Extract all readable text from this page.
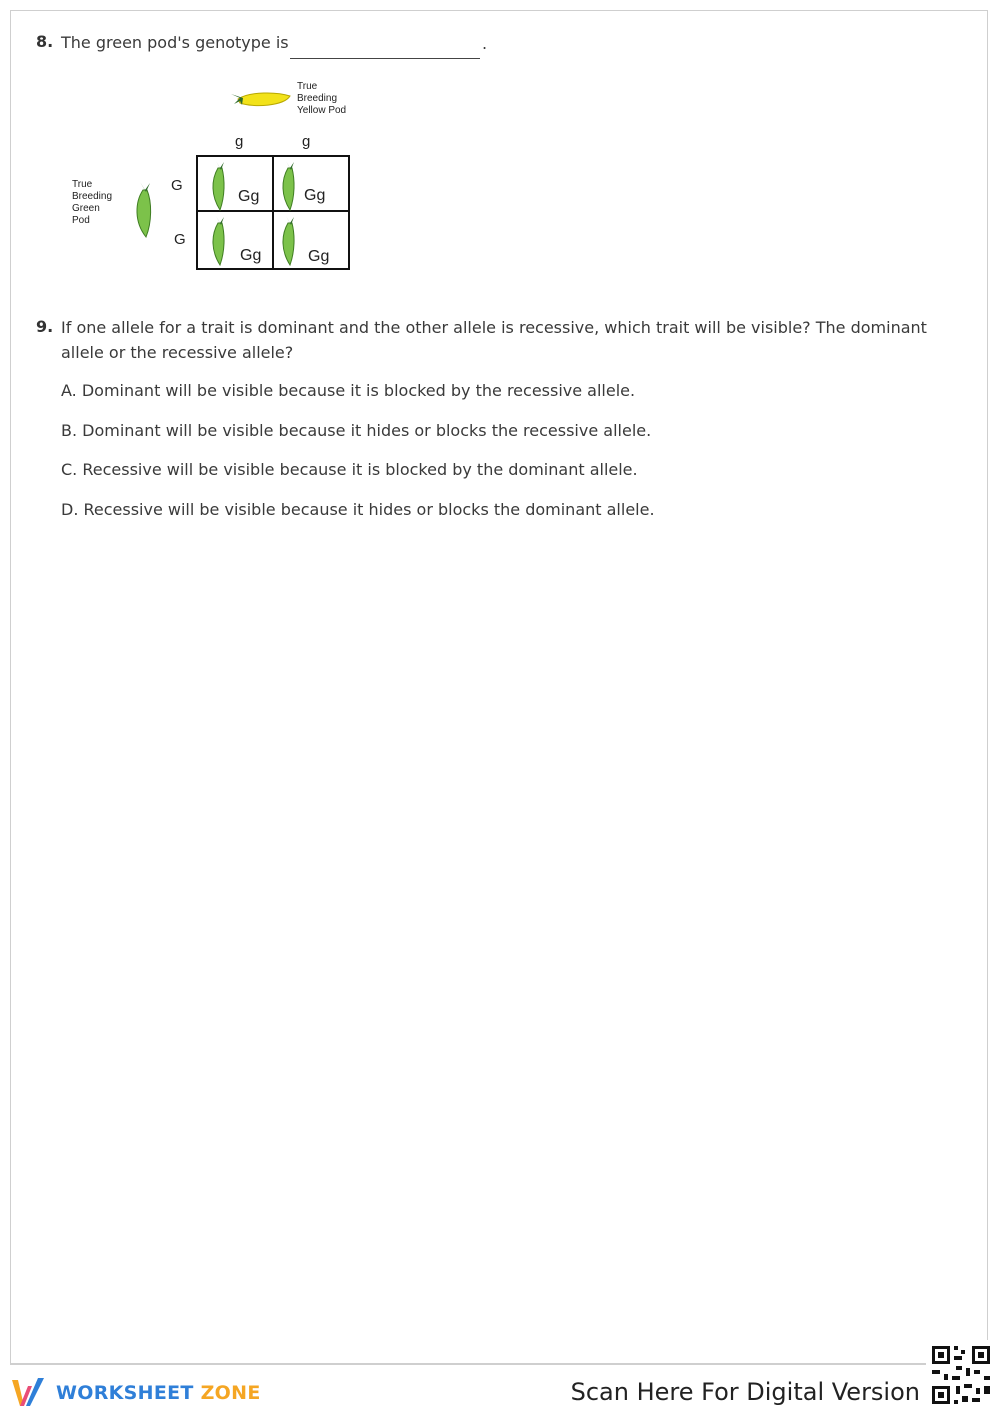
8. The green pod's genotype is	.
True
Breeding
Yellow Pod
True
Breeding
Green
Pod
g	g
G
G
Gg	Gg
Gg	Gg
9. If one allele for a trait is dominant and the other allele is recessive, which trait will be visible? The dominant
allele or the recessive allele?
A. Dominant will be visible because it is blocked by the recessive allele.
B. Dominant will be visible because it hides or blocks the recessive allele.
C. Recessive will be visible because it is blocked by the dominant allele.
D. Recessive will be visible because it hides or blocks the dominant allele.
WORKSHEET ZONE	Scan Here For Digital Version
